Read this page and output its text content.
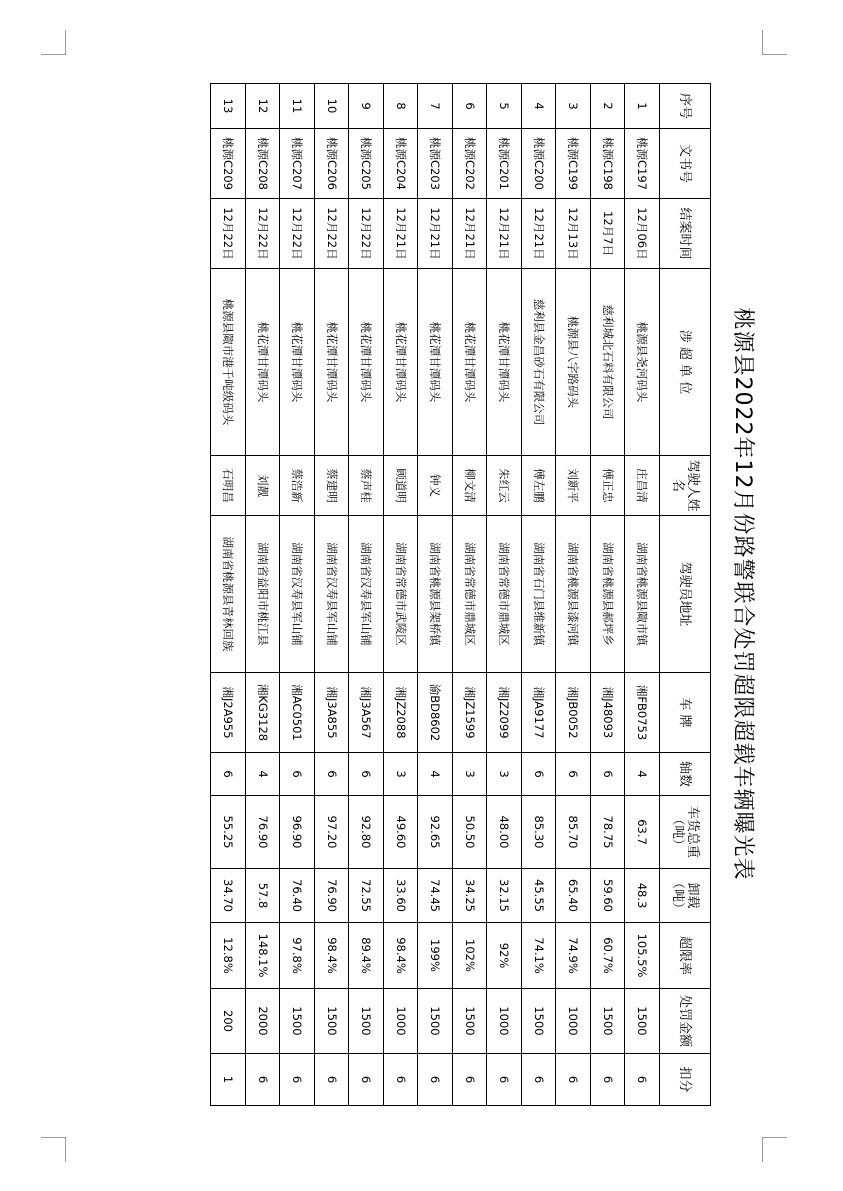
桃源县2022年12月份路警联合处罚超限超载车辆曝光表
序号	文书号	结案时间	涉 超 单 位	驾驶人姓名	驾驶员地址	车 牌	轴数	车货总重（吨）	卸载（吨）	超限率	处罚金额	扣分
1	桃源C197	12月06日	桃源县尧河码头	庄昌清	湖南省桃源县陬市镇	湘FB0753	4	63.7	48.3	105.5%	1500	6
2	桃源C198	12月7日	慈利城北石料有限公司	傅正忠	湖南省桃源县郝坪乡	湘J48093	6	78.75	59.60	60.7%	1500	6
3	桃源C199	12月13日	桃源县八字路码头	刘新平	湖南省桃源县漆河镇	湘JB0052	6	85.70	65.40	74.9%	1000	6
4	桃源C200	12月21日	慈利县金昌砂石有限公司	傅左鹏	湖南省石门县维新镇	湘JA9177	6	85.30	45.55	74.1%	1500	6
5	桃源C201	12月21日	桃花潭甘潭码头	朱红云	湖南省常德市鼎城区	湘JZ2099	3	48.00	32.15	92%	1000	6
6	桃源C202	12月21日	桃花潭甘潭码头	柳文清	湖南省常德市鼎城区	湘JZ1599	3	50.50	34.25	102%	1500	6
7	桃源C203	12月21日	桃花潭甘潭码头	钟义	湖南省桃源县架桥镇	渝BD8602	4	92.65	74.45	199%	1500	6
8	桃源C204	12月21日	桃花潭甘潭码头	顾道明	湖南省常德市武陵区	湘JZ2088	3	49.60	33.60	98.4%	1000	6
9	桃源C205	12月22日	桃花潭甘潭码头	蔡声桂	湖南省汉寿县军山铺	湘J3A567	6	92.80	72.55	89.4%	1500	6
10	桃源C206	12月22日	桃花潭甘潭码头	蔡建明	湖南省汉寿县军山铺	湘J3A855	6	97.20	76.90	98.4%	1500	6
11	桃源C207	12月22日	桃花潭甘潭码头	蔡浩新	湖南省汉寿县军山铺	湘AC0501	6	96.90	76.40	97.8%	1500	6
12	桃源C208	12月22日	桃花潭甘潭码头	刘靓	湖南省益阳市桃江县	湘KG3128	4	76.90	57.8	148.1%	2000	6
13	桃源C209	12月22日	桃源县陬市港千吨级码头	石明昌	湖南省桃源县青林回族	湘J2A955	6	55.25	34.70	12.8%	200	1
